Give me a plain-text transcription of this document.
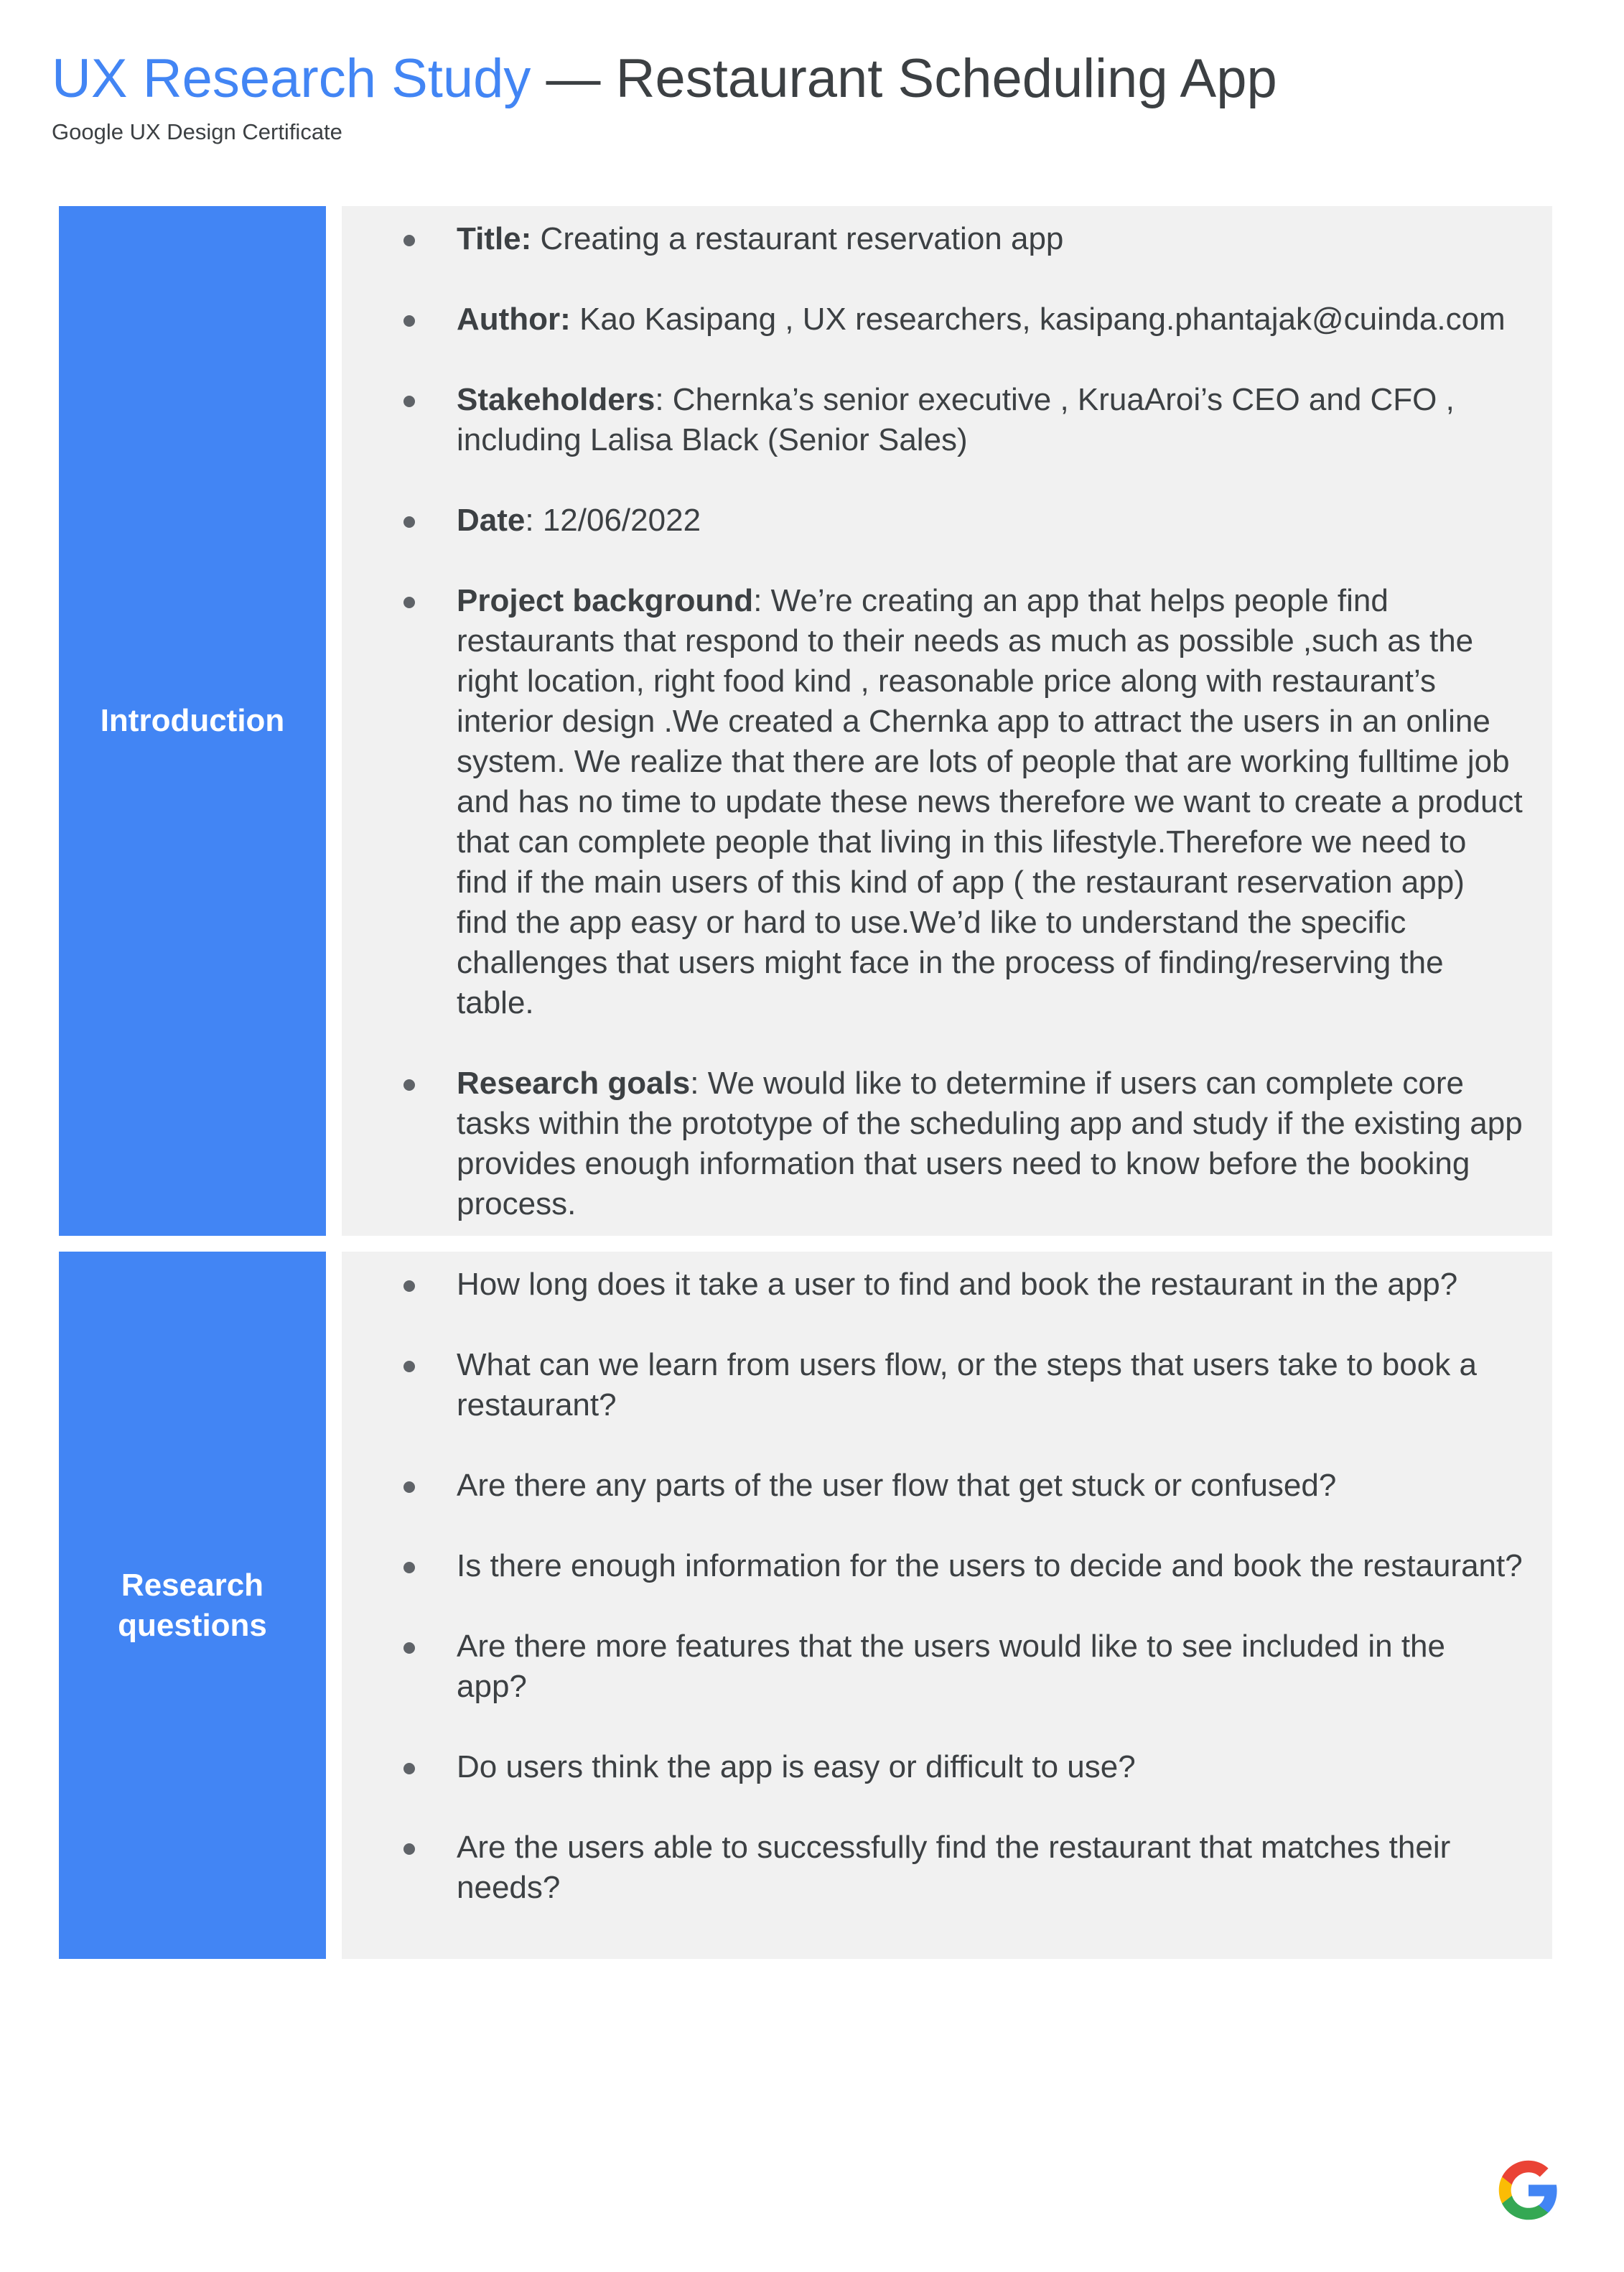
UX Research Study — Restaurant Scheduling App
Google UX Design Certificate
Introduction
Title: Creating a restaurant reservation app
Author: Kao Kasipang , UX researchers, kasipang.phantajak@cuinda.com
Stakeholders: Chernka’s senior executive , KruaAroi’s CEO and CFO , including Lalisa Black (Senior Sales)
Date: 12/06/2022
Project background: We’re creating an app that helps people find restaurants that respond to their needs as much as possible ,such as the right location, right food kind , reasonable price along with restaurant’s interior design .We created a Chernka app to attract the users in an online system. We realize that there are lots of people that are working fulltime job and has no time to update these news therefore we want to create a product that can complete people that living in this lifestyle.Therefore we need to find if the main users of this kind of app ( the restaurant reservation app) find the app easy or hard to use.We’d like to understand the specific challenges that users might face in the process of finding/reserving the table.
Research goals: We would like to determine if users can complete core tasks within the prototype of the scheduling app and study if the existing app provides enough information that users need to know before the booking process.
Research
questions
How long does it take a user to find and book the restaurant in the app?
What can we learn from users flow, or the steps that users take to book a restaurant?
Are there any parts of the user flow that get stuck or confused?
Is there enough information for the users to decide and book the restaurant?
Are there more features that the users would like to see included in the app?
Do users think the app is easy or difficult to use?
Are the users able to successfully find the restaurant that matches their needs?
